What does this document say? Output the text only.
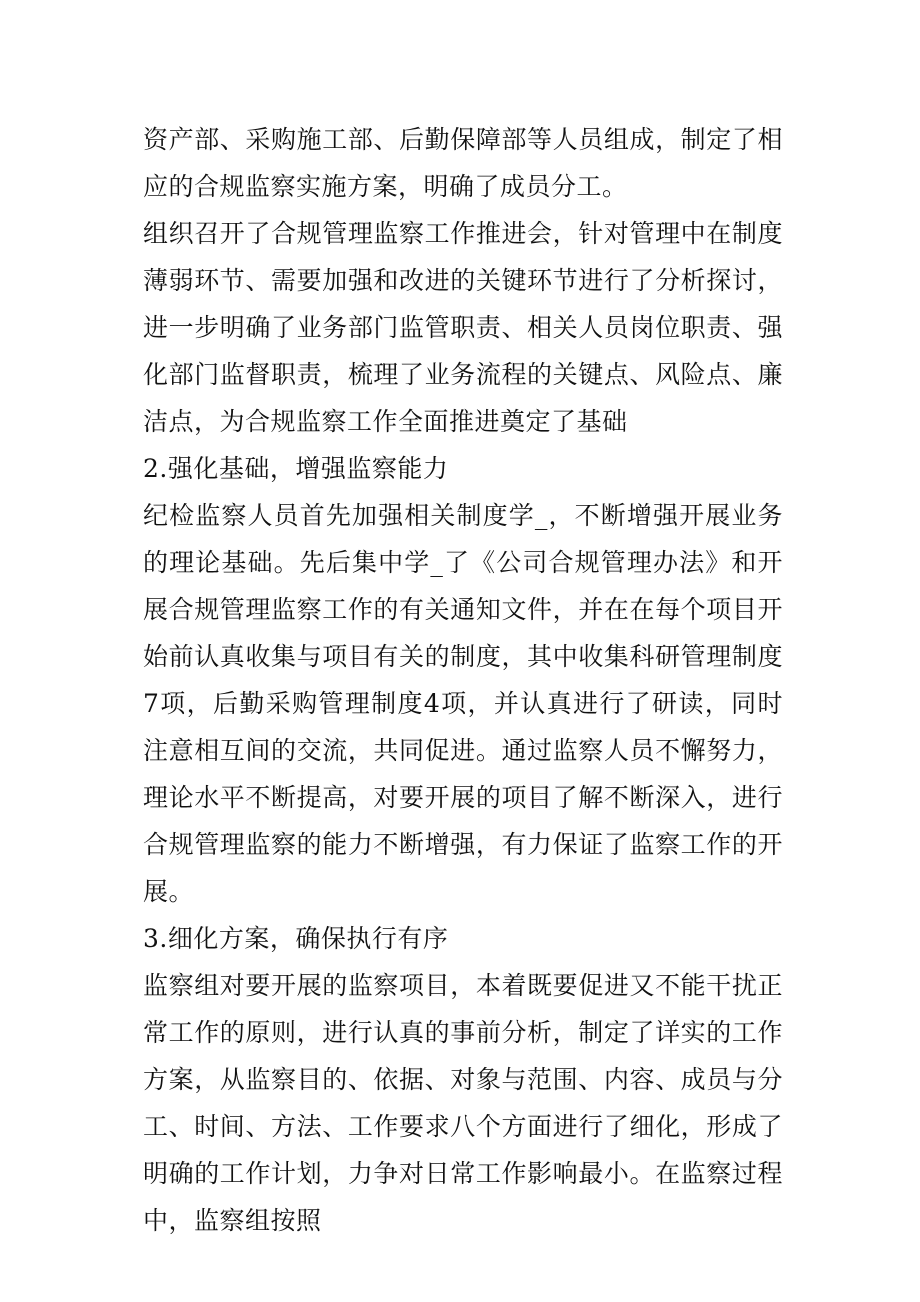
资产部、采购施工部、后勤保障部等人员组成，制定了相应的合规监察实施方案，明确了成员分工。

组织召开了合规管理监察工作推进会，针对管理中在制度薄弱环节、需要加强和改进的关键环节进行了分析探讨，进一步明确了业务部门监管职责、相关人员岗位职责、强化部门监督职责，梳理了业务流程的关键点、风险点、廉洁点，为合规监察工作全面推进奠定了基础

2.强化基础，增强监察能力

纪检监察人员首先加强相关制度学_，不断增强开展业务的理论基础。先后集中学_了《公司合规管理办法》和开展合规管理监察工作的有关通知文件，并在在每个项目开始前认真收集与项目有关的制度，其中收集科研管理制度7项，后勤采购管理制度4项，并认真进行了研读，同时注意相互间的交流，共同促进。通过监察人员不懈努力，理论水平不断提高，对要开展的项目了解不断深入，进行合规管理监察的能力不断增强，有力保证了监察工作的开展。

3.细化方案，确保执行有序

监察组对要开展的监察项目，本着既要促进又不能干扰正常工作的原则，进行认真的事前分析，制定了详实的工作方案，从监察目的、依据、对象与范围、内容、成员与分工、时间、方法、工作要求八个方面进行了细化，形成了明确的工作计划，力争对日常工作影响最小。在监察过程中，监察组按照
